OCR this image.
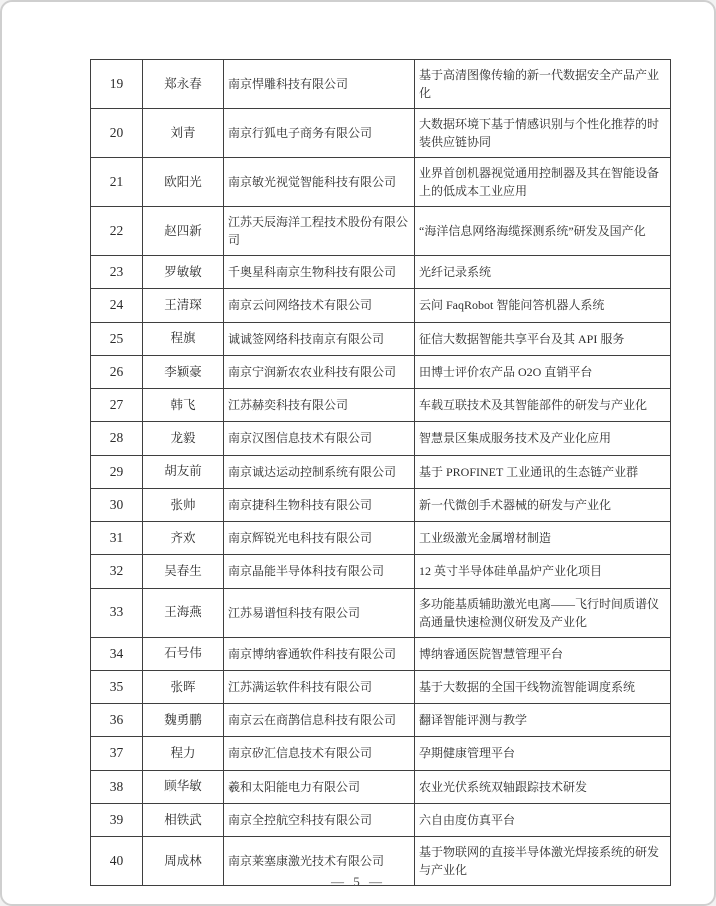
19	郑永春	南京悍雕科技有限公司	基于高清图像传输的新一代数据安全产品产业化
20	刘青	南京行狐电子商务有限公司	大数据环境下基于情感识别与个性化推荐的时装供应链协同
21	欧阳光	南京敏光视觉智能科技有限公司	业界首创机器视觉通用控制器及其在智能设备上的低成本工业应用
22	赵四新	江苏天辰海洋工程技术股份有限公司	“海洋信息网络海缆探测系统”研发及国产化
23	罗敏敏	千奥星科南京生物科技有限公司	光纤记录系统
24	王清琛	南京云问网络技术有限公司	云问 FaqRobot 智能问答机器人系统
25	程旗	诚诚签网络科技南京有限公司	征信大数据智能共享平台及其 API 服务
26	李颖豪	南京宁润新农农业科技有限公司	田博士评价农产品 O2O 直销平台
27	韩飞	江苏赫奕科技有限公司	车载互联技术及其智能部件的研发与产业化
28	龙毅	南京汉图信息技术有限公司	智慧景区集成服务技术及产业化应用
29	胡友前	南京诚达运动控制系统有限公司	基于 PROFINET 工业通讯的生态链产业群
30	张帅	南京捷科生物科技有限公司	新一代微创手术器械的研发与产业化
31	齐欢	南京辉锐光电科技有限公司	工业级激光金属增材制造
32	吴春生	南京晶能半导体科技有限公司	12 英寸半导体硅单晶炉产业化项目
33	王海燕	江苏易谱恒科技有限公司	多功能基质辅助激光电离——飞行时间质谱仪高通量快速检测仪研发及产业化
34	石号伟	南京博纳睿通软件科技有限公司	博纳睿通医院智慧管理平台
35	张晖	江苏满运软件科技有限公司	基于大数据的全国干线物流智能调度系统
36	魏勇鹏	南京云在商鹊信息科技有限公司	翻译智能评测与教学
37	程力	南京矽汇信息技术有限公司	孕期健康管理平台
38	顾华敏	羲和太阳能电力有限公司	农业光伏系统双轴跟踪技术研发
39	相铁武	南京全控航空科技有限公司	六自由度仿真平台
40	周成林	南京莱塞康激光技术有限公司	基于物联网的直接半导体激光焊接系统的研发与产业化
— 5 —
